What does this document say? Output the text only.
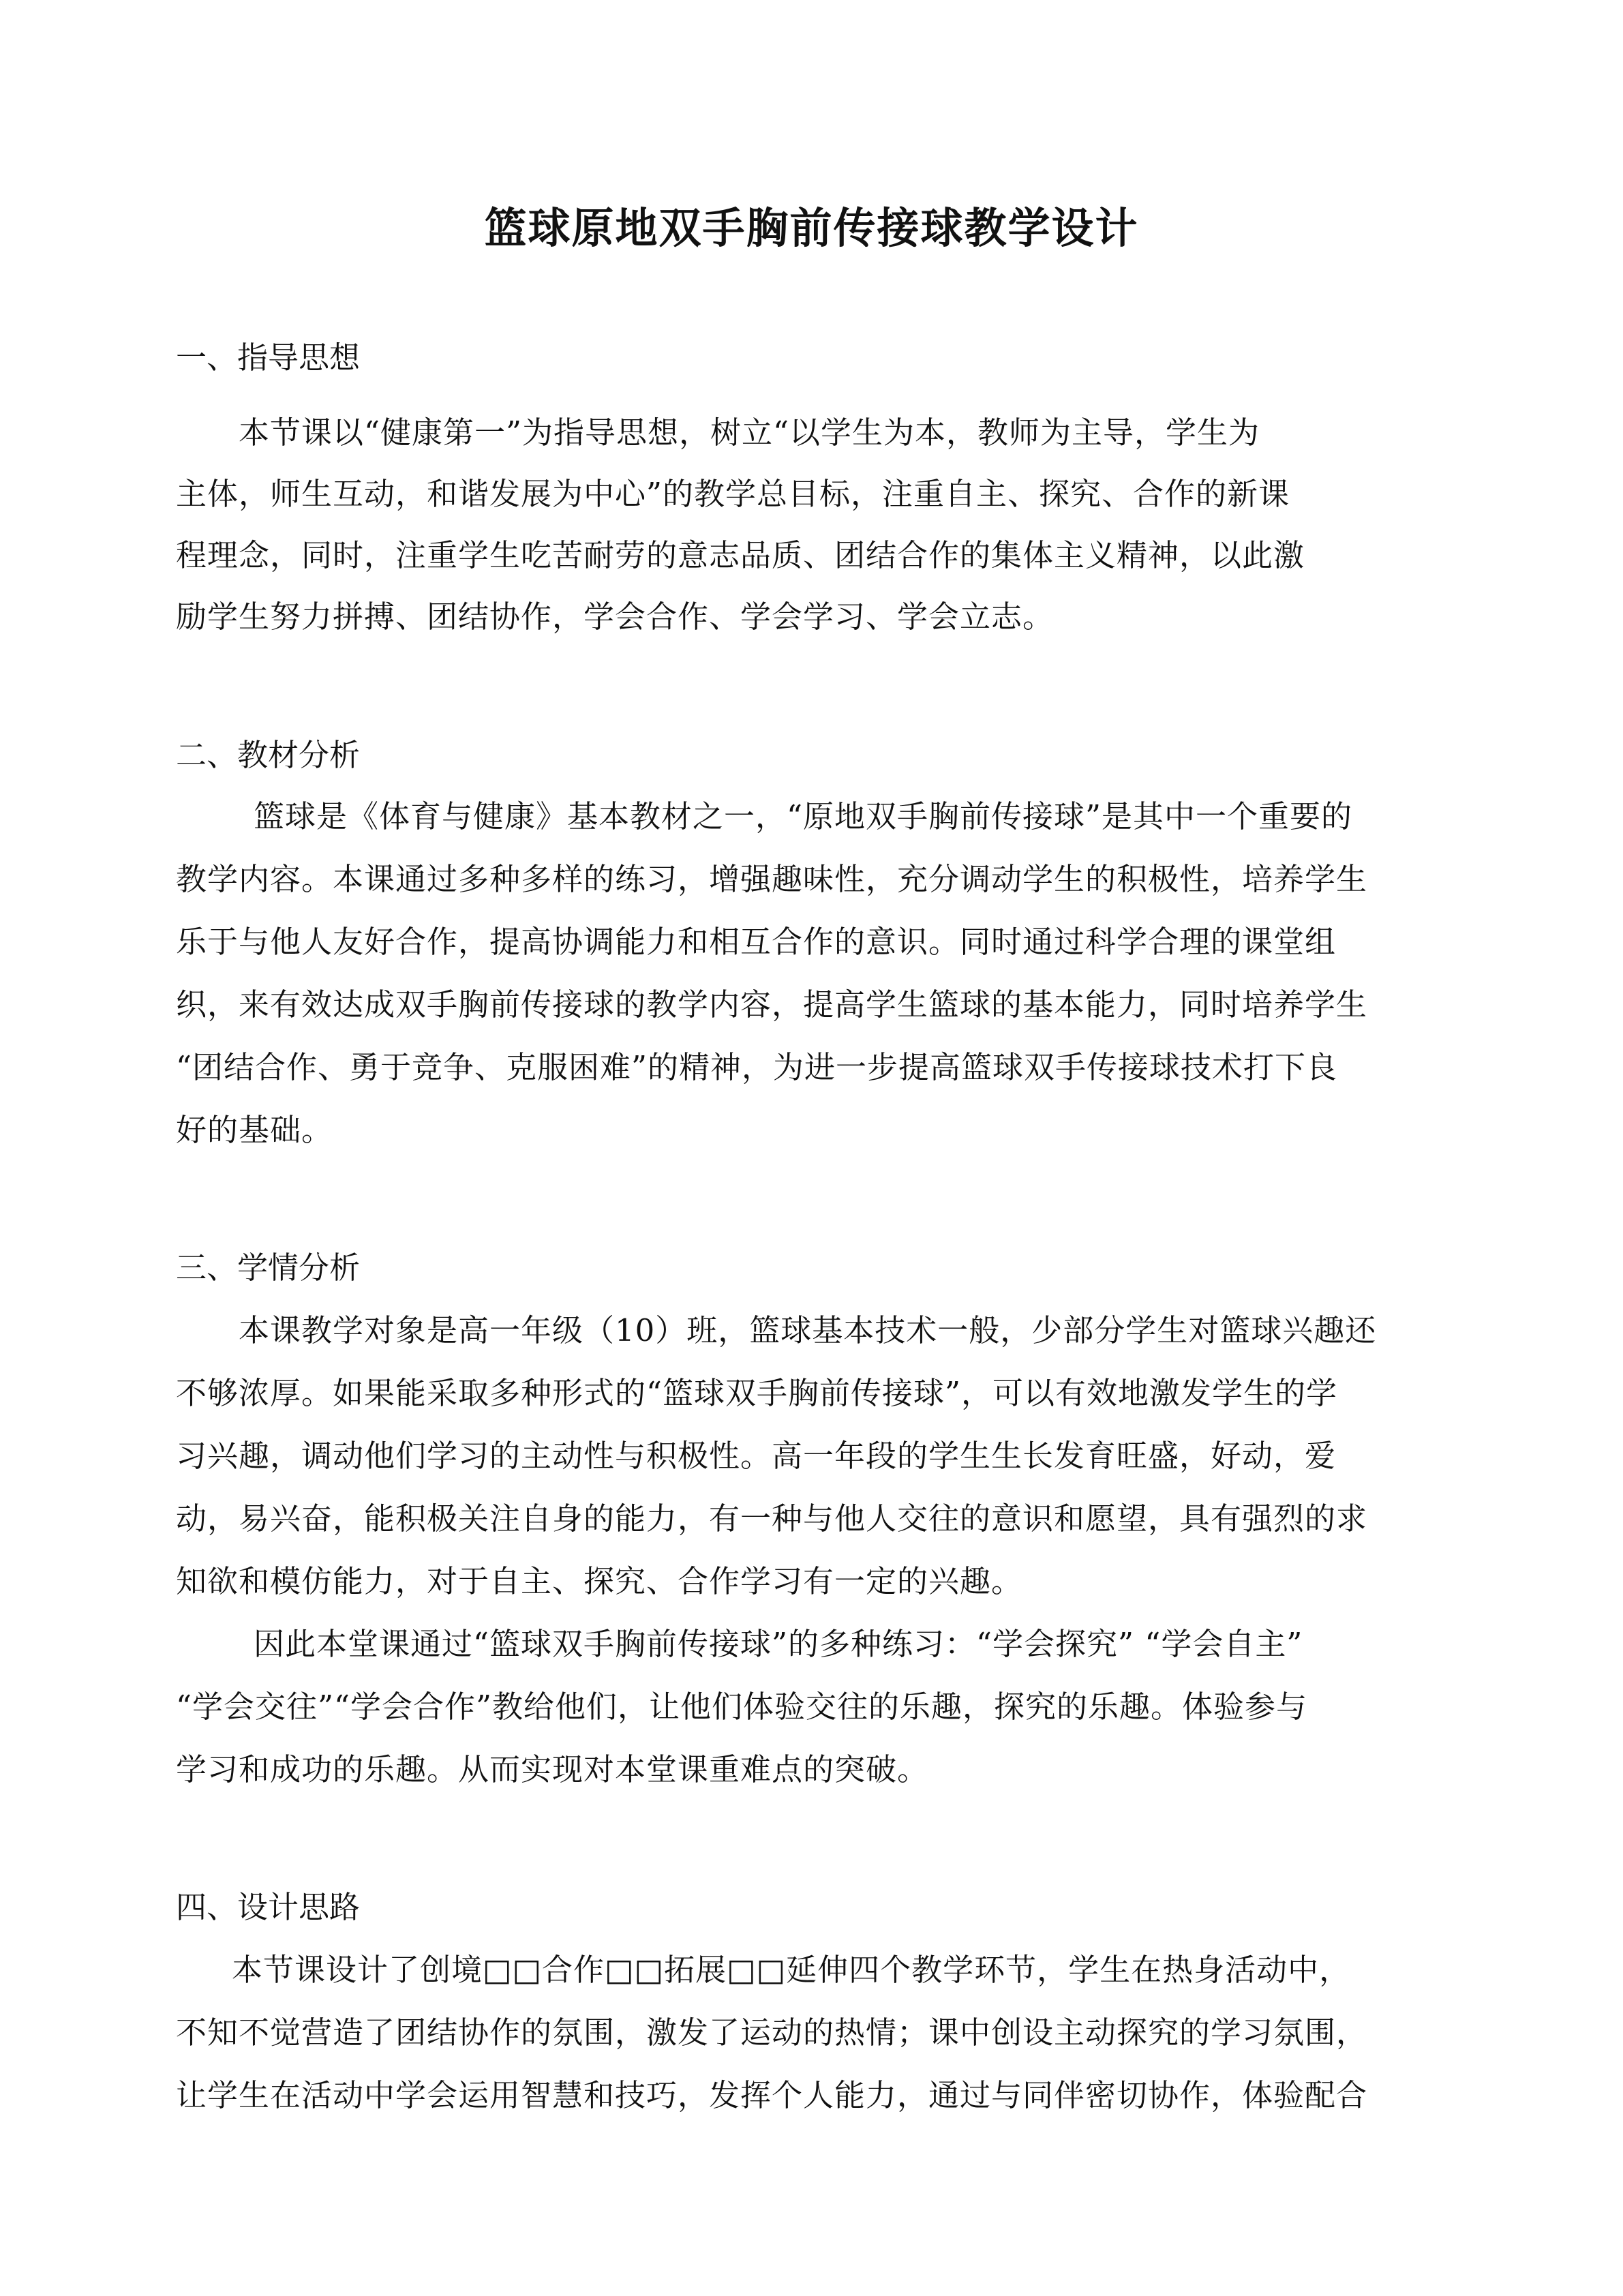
篮球原地双手胸前传接球教学设计
一、指导思想
本节课以“健康第一”为指导思想，树立“以学生为本，教师为主导，学生为
主体，师生互动，和谐发展为中心”的教学总目标，注重自主、探究、合作的新课
程理念，同时，注重学生吃苦耐劳的意志品质、团结合作的集体主义精神，以此激
励学生努力拼搏、团结协作，学会合作、学会学习、学会立志。
二、教材分析
篮球是《体育与健康》基本教材之一，“原地双手胸前传接球”是其中一个重要的
教学内容。本课通过多种多样的练习，增强趣味性，充分调动学生的积极性，培养学生
乐于与他人友好合作，提高协调能力和相互合作的意识。同时通过科学合理的课堂组
织，来有效达成双手胸前传接球的教学内容，提高学生篮球的基本能力，同时培养学生
“团结合作、勇于竞争、克服困难”的精神，为进一步提高篮球双手传接球技术打下良
好的基础。
三、学情分析
本课教学对象是高一年级（10）班，篮球基本技术一般，少部分学生对篮球兴趣还
不够浓厚。如果能采取多种形式的“篮球双手胸前传接球”，可以有效地激发学生的学
习兴趣，调动他们学习的主动性与积极性。高一年段的学生生长发育旺盛，好动，爱
动，易兴奋，能积极关注自身的能力，有一种与他人交往的意识和愿望，具有强烈的求
知欲和模仿能力，对于自主、探究、合作学习有一定的兴趣。
因此本堂课通过“篮球双手胸前传接球”的多种练习：“学会探究” “学会自主”
“学会交往”“学会合作”教给他们，让他们体验交往的乐趣，探究的乐趣。体验参与
学习和成功的乐趣。从而实现对本堂课重难点的突破。
四、设计思路
本节课设计了创境□□合作□□拓展□□延伸四个教学环节，学生在热身活动中，
不知不觉营造了团结协作的氛围，激发了运动的热情；课中创设主动探究的学习氛围，
让学生在活动中学会运用智慧和技巧，发挥个人能力，通过与同伴密切协作，体验配合
